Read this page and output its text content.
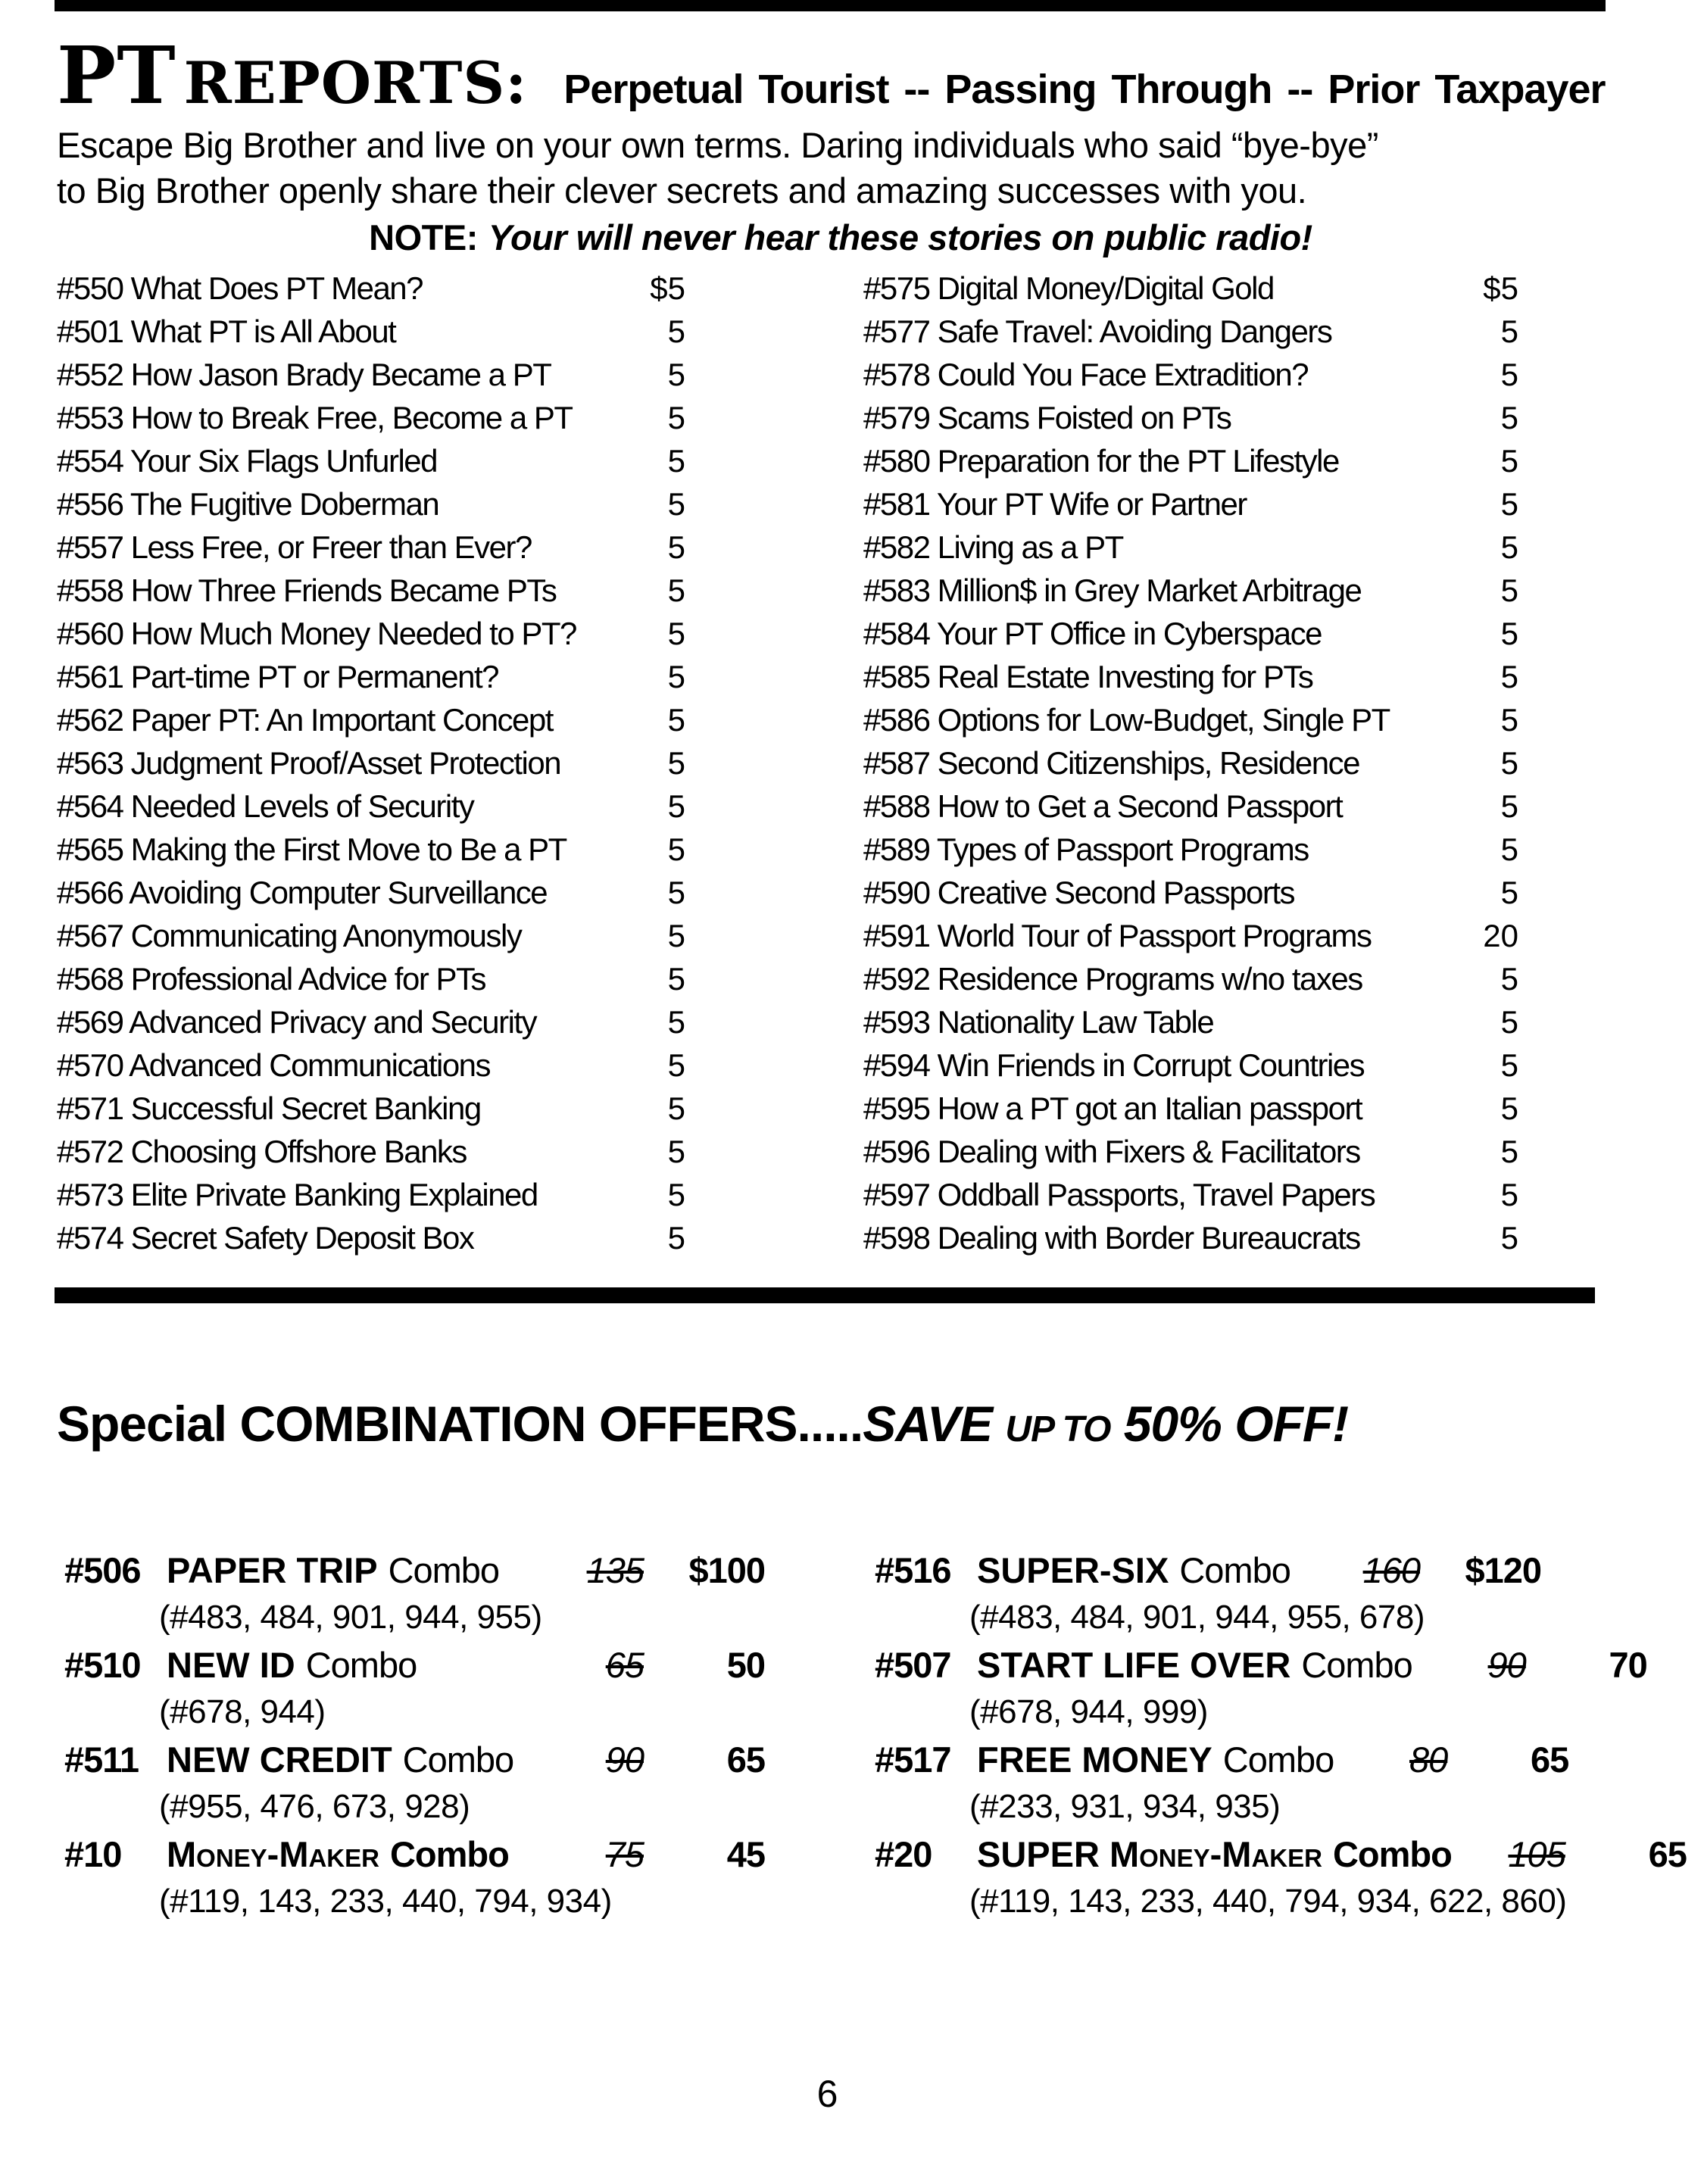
PT REPORTS: Perpetual Tourist -- Passing Through -- Prior Taxpayer
Escape Big Brother and live on your own terms. Daring individuals who said “bye-bye”
to Big Brother openly share their clever secrets and amazing successes with you.
NOTE: Your will never hear these stories on public radio!
#550 What Does PT Mean?	$5
#501 What PT is All About	5
#552 How Jason Brady Became a PT	5
#553 How to Break Free, Become a PT	5
#554 Your Six Flags Unfurled	5
#556 The Fugitive Doberman	5
#557 Less Free, or Freer than Ever?	5
#558 How Three Friends Became PTs	5
#560 How Much Money Needed to PT?	5
#561 Part-time PT or Permanent?	5
#562 Paper PT: An Important Concept	5
#563 Judgment Proof/Asset Protection	5
#564 Needed Levels of Security	5
#565 Making the First Move to Be a PT	5
#566 Avoiding Computer Surveillance	5
#567 Communicating Anonymously	5
#568 Professional Advice for PTs	5
#569 Advanced Privacy and Security	5
#570 Advanced Communications	5
#571 Successful Secret Banking	5
#572 Choosing Offshore Banks	5
#573 Elite Private Banking Explained	5
#574 Secret Safety Deposit Box	5
#575 Digital Money/Digital Gold	$5
#577 Safe Travel: Avoiding Dangers	5
#578 Could You Face Extradition?	5
#579 Scams Foisted on PTs	5
#580 Preparation for the PT Lifestyle	5
#581 Your PT Wife or Partner	5
#582 Living as a PT	5
#583 Million$ in Grey Market Arbitrage	5
#584 Your PT Office in Cyberspace	5
#585 Real Estate Investing for PTs	5
#586 Options for Low-Budget, Single PT	5
#587 Second Citizenships, Residence	5
#588 How to Get a Second Passport	5
#589 Types of Passport Programs	5
#590 Creative Second Passports	5
#591 World Tour of Passport Programs	20
#592 Residence Programs w/no taxes	5
#593 Nationality Law Table	5
#594 Win Friends in Corrupt Countries	5
#595 How a PT got an Italian passport	5
#596 Dealing with Fixers & Facilitators	5
#597 Oddball Passports, Travel Papers	5
#598 Dealing with Border Bureaucrats	5
Special COMBINATION OFFERS.....SAVE UP TO 50% OFF!
#506 PAPER TRIP Combo	135	$100
(#483, 484, 901, 944, 955)
#510 NEW ID Combo	65	50
(#678, 944)
#511 NEW CREDIT Combo	90	65
(#955, 476, 673, 928)
#10	Money-Maker Combo	75	45
(#119, 143, 233, 440, 794, 934)
#516 SUPER-SIX Combo	160	$120
(#483, 484, 901, 944, 955, 678)
#507 START LIFE OVER Combo	90	70
(#678, 944, 999)
#517 FREE MONEY Combo	80	65
(#233, 931, 934, 935)
#20	SUPER Money-Maker Combo	105	65
(#119, 143, 233, 440, 794, 934, 622, 860)
6
